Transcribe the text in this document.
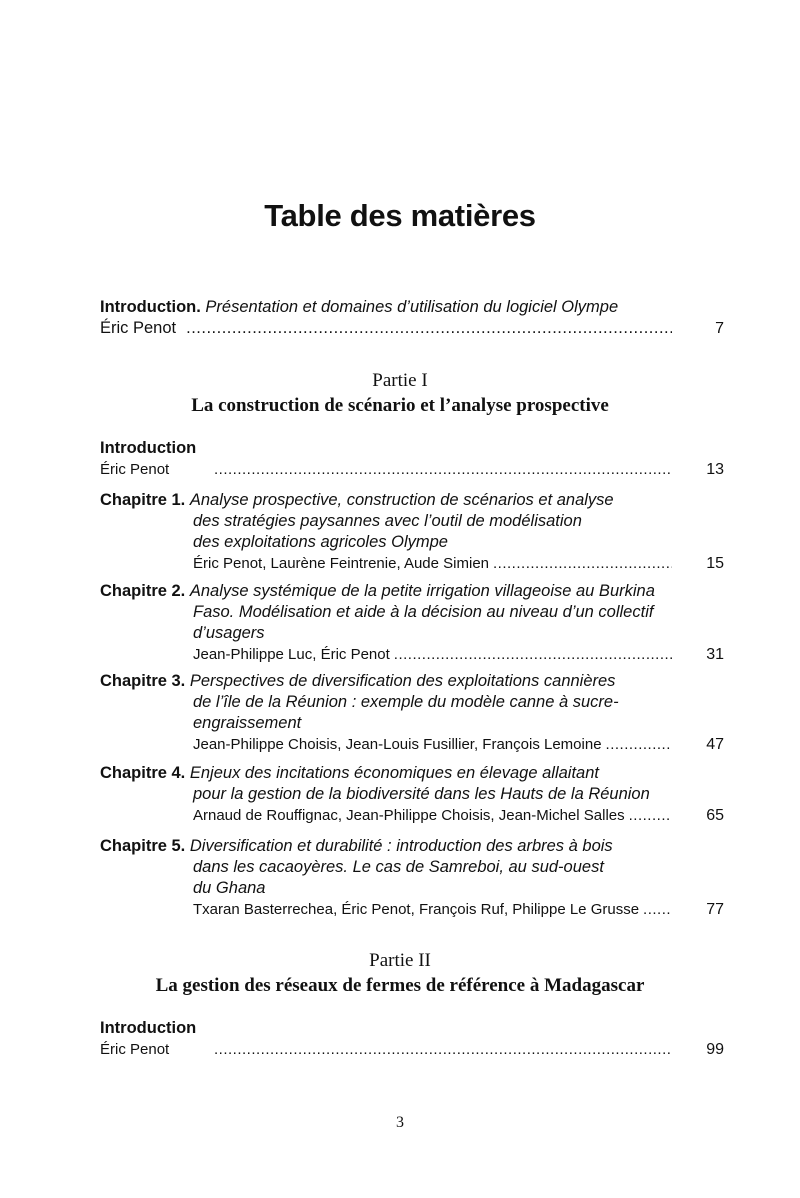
Table des matières
Introduction. Présentation et domaines d’utilisation du logiciel Olympe
Éric Penot .....	7
Partie I
La construction de scénario et l’analyse prospective
Introduction
Éric Penot .....	13
Chapitre 1. Analyse prospective, construction de scénarios et analyse
des stratégies paysannes avec l’outil de modélisation
des exploitations agricoles Olympe
Éric Penot, Laurène Feintrenie, Aude Simien .....	15
Chapitre 2. Analyse systémique de la petite irrigation villageoise au Burkina
Faso. Modélisation et aide à la décision au niveau d’un collectif
d’usagers
Jean-Philippe Luc, Éric Penot .....	31
Chapitre 3. Perspectives de diversification des exploitations cannières
de l’île de la Réunion : exemple du modèle canne à sucre-
engraissement
Jean-Philippe Choisis, Jean-Louis Fusillier, François Lemoine .....	47
Chapitre 4. Enjeux des incitations économiques en élevage allaitant
pour la gestion de la biodiversité dans les Hauts de la Réunion
Arnaud de Rouffignac, Jean-Philippe Choisis, Jean-Michel Salles .....	65
Chapitre 5. Diversification et durabilité : introduction des arbres à bois
dans les cacaoyères. Le cas de Samreboi, au sud-ouest
du Ghana
Txaran Basterrechea, Éric Penot, François Ruf, Philippe Le Grusse .....	77
Partie II
La gestion des réseaux de fermes de référence à Madagascar
Introduction
Éric Penot .....	99
3
